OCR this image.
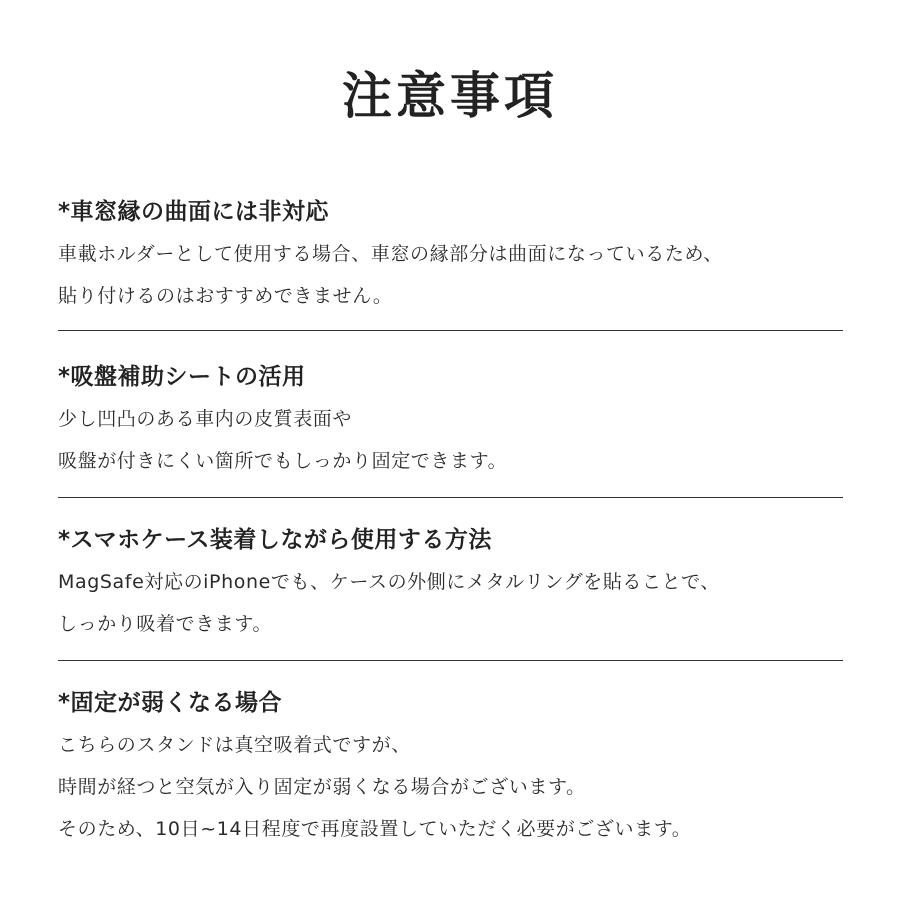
注意事項

*車窓縁の曲面には非対応

車載ホルダーとして使用する場合、車窓の縁部分は曲面になっているため、

貼り付けるのはおすすめできません。

*吸盤補助シートの活用

少し凹凸のある車内の皮質表面や

吸盤が付きにくい箇所でもしっかり固定できます。

*スマホケース装着しながら使用する方法

MagSafe対応のiPhoneでも、ケースの外側にメタルリングを貼ることで、

しっかり吸着できます。

*固定が弱くなる場合

こちらのスタンドは真空吸着式ですが、

時間が経つと空気が入り固定が弱くなる場合がございます。

そのため、10日~14日程度で再度設置していただく必要がございます。
